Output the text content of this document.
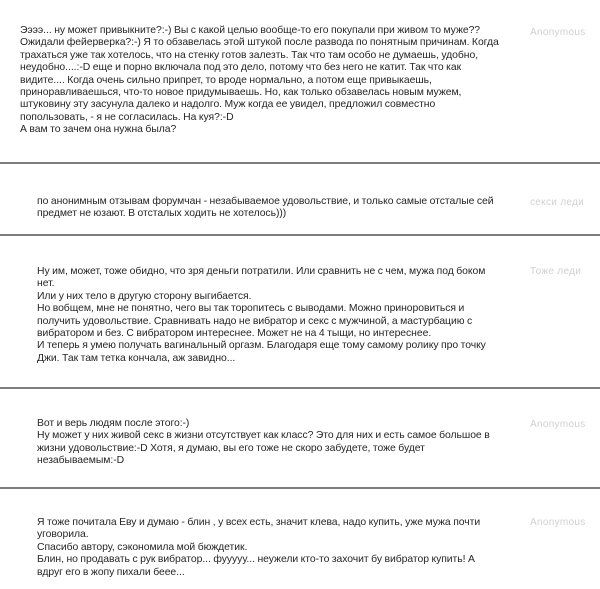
Ээээ... ну может привыкните?:-) Вы с какой целью вообще-то его покупали при живом то муже??

Ожидали фейерверка?:-) Я то обзавелась этой штукой после развода по понятным причинам. Когда

трахаться уже так хотелось, что на стенку готов залезть. Так что там особо не думаешь, удобно,

неудобно....:-D еще и порно включала под это дело, потому что без него не катит. Так что как

видите.... Когда очень сильно припрет, то вроде нормально, а потом еще привыкаешь,

приноравливаешься, что-то новое придумываешь. Но, как только обзавелась новым мужем,

штуковину эту засунула далеко и надолго. Муж когда ее увидел, предложил совместно

попользовать, - я не согласилась. На куя?:-D

А вам то зачем она нужна была?

Anonymous

по анонимным отзывам форумчан - незабываемое удовольствие, и только самые отсталые сей

предмет не юзают. В отсталых ходить не хотелось)))

секси леди

Ну им, может, тоже обидно, что зря деньги потратили. Или сравнить не с чем, мужа под боком

нет.

Или у них тело в другую сторону выгибается.

Но вобщем, мне не понятно, чего вы так торопитесь с выводами. Можно приноровиться и

получить удовольствие. Сравнивать надо не вибратор и секс с мужчиной, а мастурбацию с

вибратором и без. С вибратором интереснее. Может не на 4 тыщи, но интереснее.

И теперь я умею получать вагинальный оргазм. Благодаря еще тому самому ролику про точку

Джи. Так там тетка кончала, аж завидно...

Тоже леди

Вот и верь людям после этого:-)

Ну может у них живой секс в жизни отсутствует как класс? Это для них и есть самое большое в

жизни удовольствие:-D Хотя, я думаю, вы его тоже не скоро забудете, тоже будет

незабываемым:-D

Anonymous

Я тоже почитала Еву и думаю - блин , у всех есть, значит клева, надо купить, уже мужа почти

уговорила.

Спасибо автору, сэкономила мой бюждетик.

Блин, но продавать с рук вибратор... фууууу... неужели кто-то захочит бу вибратор купить! А

вдруг его в жопу пихали беее...

Anonymous
